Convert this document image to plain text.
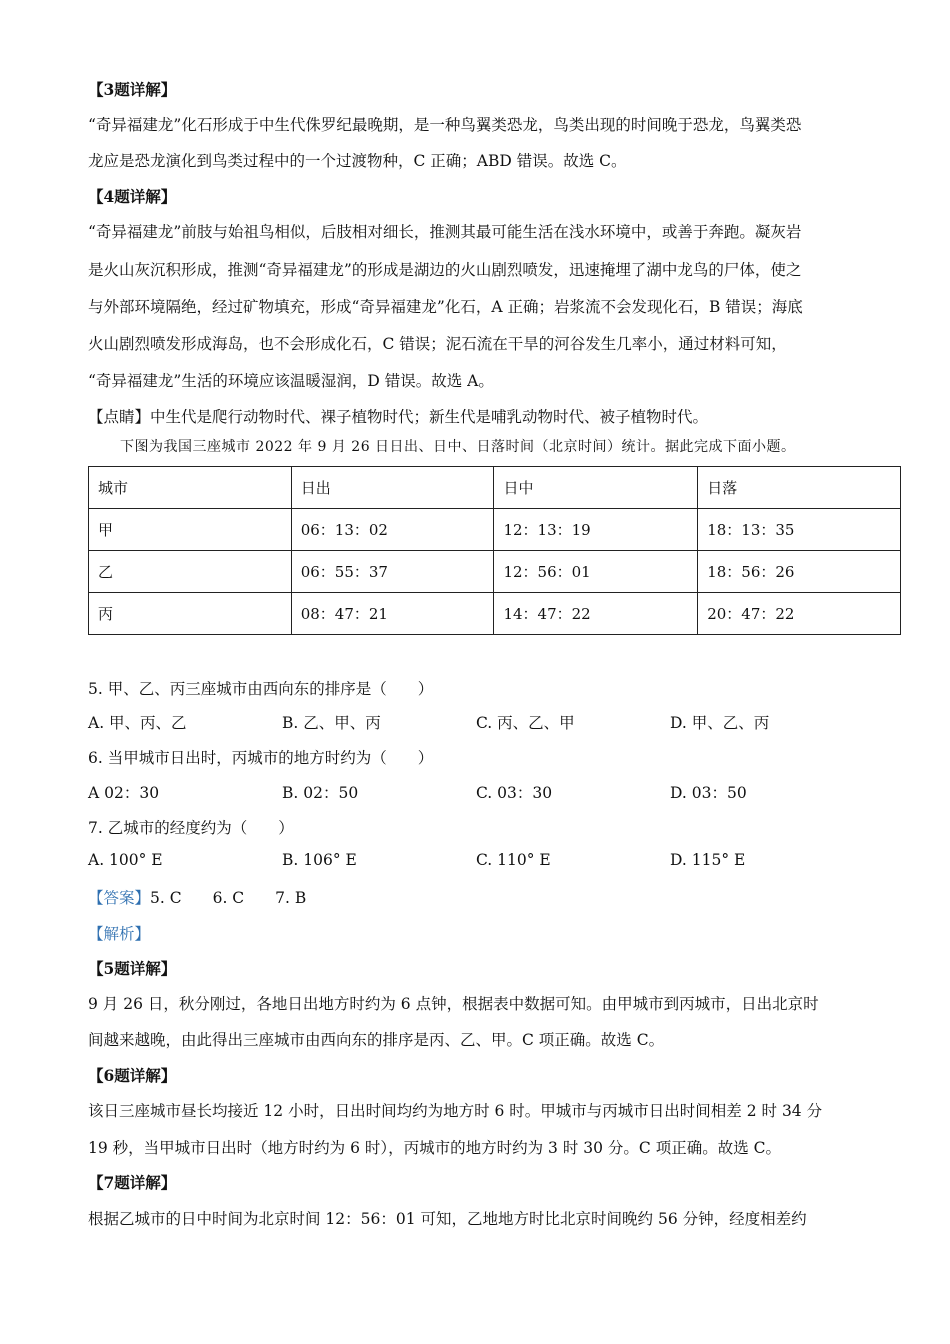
【3题详解】
“奇异福建龙”化石形成于中生代侏罗纪最晚期，是一种鸟翼类恐龙，鸟类出现的时间晚于恐龙，鸟翼类恐
龙应是恐龙演化到鸟类过程中的一个过渡物种，C 正确；ABD 错误。故选 C。
【4题详解】
“奇异福建龙”前肢与始祖鸟相似，后肢相对细长，推测其最可能生活在浅水环境中，或善于奔跑。凝灰岩
是火山灰沉积形成，推测“奇异福建龙”的形成是湖边的火山剧烈喷发，迅速掩埋了湖中龙鸟的尸体，使之
与外部环境隔绝，经过矿物填充，形成“奇异福建龙”化石，A 正确；岩浆流不会发现化石，B 错误；海底
火山剧烈喷发形成海岛，也不会形成化石，C 错误；泥石流在干旱的河谷发生几率小，通过材料可知，
“奇异福建龙”生活的环境应该温暖湿润，D 错误。故选 A。
【点睛】中生代是爬行动物时代、裸子植物时代；新生代是哺乳动物时代、被子植物时代。
下图为我国三座城市 2022 年 9 月 26 日日出、日中、日落时间（北京时间）统计。据此完成下面小题。
城市	日出	日中	日落
甲	06：13：02	12：13：19	18：13：35
乙	06：55：37	12：56：01	18：56：26
丙	08：47：21	14：47：22	20：47：22
5. 甲、乙、丙三座城市由西向东的排序是（　　）
A. 甲、丙、乙	B. 乙、甲、丙	C. 丙、乙、甲	D. 甲、乙、丙
6. 当甲城市日出时，丙城市的地方时约为（　　）
A 02：30	B. 02：50	C. 03：30	D. 03：50
7. 乙城市的经度约为（　　）
A. 100° E	B. 106° E	C. 110° E	D. 115° E
【答案】5. C　　6. C　　7. B
【解析】
【5题详解】
9 月 26 日，秋分刚过，各地日出地方时约为 6 点钟，根据表中数据可知。由甲城市到丙城市，日出北京时
间越来越晚，由此得出三座城市由西向东的排序是丙、乙、甲。C 项正确。故选 C。
【6题详解】
该日三座城市昼长均接近 12 小时，日出时间均约为地方时 6 时。甲城市与丙城市日出时间相差 2 时 34 分
19 秒，当甲城市日出时（地方时约为 6 时），丙城市的地方时约为 3 时 30 分。C 项正确。故选 C。
【7题详解】
根据乙城市的日中时间为北京时间 12：56：01 可知，乙地地方时比北京时间晚约 56 分钟，经度相差约
